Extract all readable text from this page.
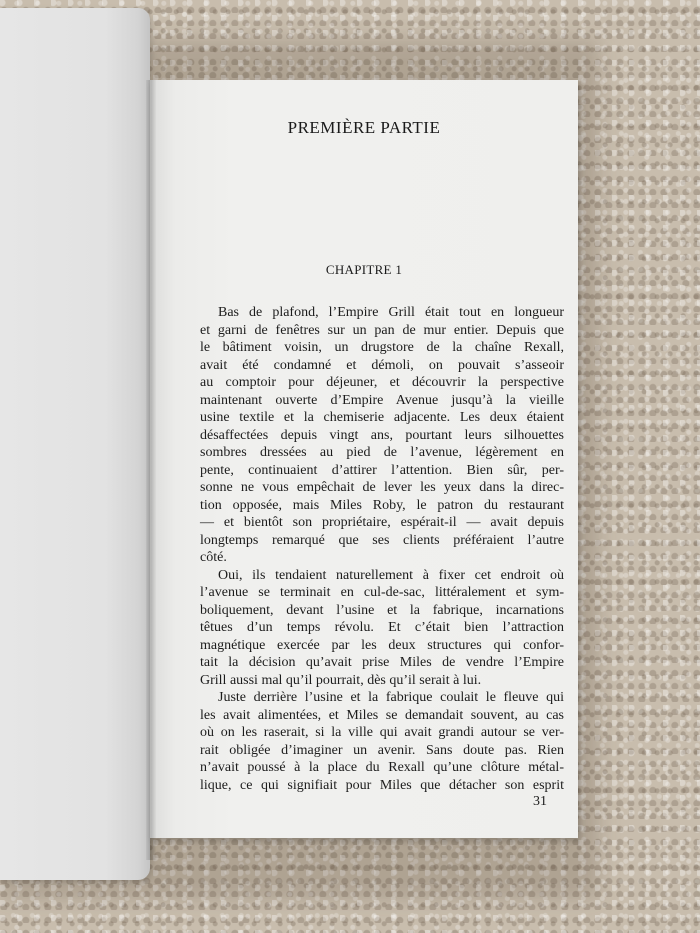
PREMIÈRE PARTIE
CHAPITRE 1
Bas de plafond, l’Empire Grill était tout en longueur
et garni de fenêtres sur un pan de mur entier. Depuis que
le bâtiment voisin, un drugstore de la chaîne Rexall,
avait été condamné et démoli, on pouvait s’asseoir
au comptoir pour déjeuner, et découvrir la perspective
maintenant ouverte d’Empire Avenue jusqu’à la vieille
usine textile et la chemiserie adjacente. Les deux étaient
désaffectées depuis vingt ans, pourtant leurs silhouettes
sombres dressées au pied de l’avenue, légèrement en
pente, continuaient d’attirer l’attention. Bien sûr, per-
sonne ne vous empêchait de lever les yeux dans la direc-
tion opposée, mais Miles Roby, le patron du restaurant
— et bientôt son propriétaire, espérait-il — avait depuis
longtemps remarqué que ses clients préféraient l’autre
côté.
Oui, ils tendaient naturellement à fixer cet endroit où
l’avenue se terminait en cul-de-sac, littéralement et sym-
boliquement, devant l’usine et la fabrique, incarnations
têtues d’un temps révolu. Et c’était bien l’attraction
magnétique exercée par les deux structures qui confor-
tait la décision qu’avait prise Miles de vendre l’Empire
Grill aussi mal qu’il pourrait, dès qu’il serait à lui.
Juste derrière l’usine et la fabrique coulait le fleuve qui
les avait alimentées, et Miles se demandait souvent, au cas
où on les raserait, si la ville qui avait grandi autour se ver-
rait obligée d’imaginer un avenir. Sans doute pas. Rien
n’avait poussé à la place du Rexall qu’une clôture métal-
lique, ce qui signifiait pour Miles que détacher son esprit
31
